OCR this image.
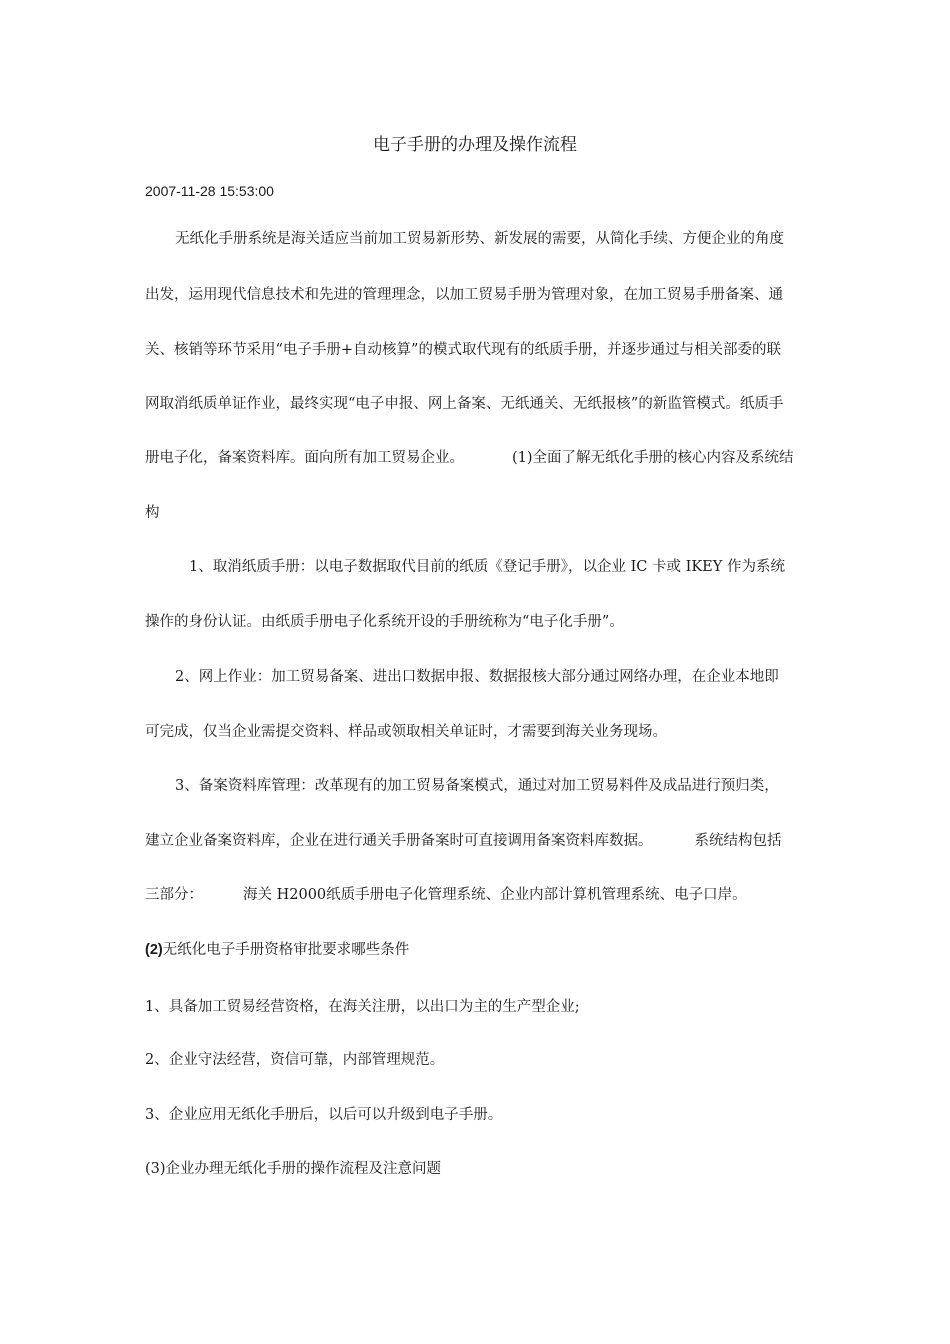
电子手册的办理及操作流程
2007-11-28 15:53:00
无纸化手册系统是海关适应当前加工贸易新形势、新发展的需要，从简化手续、方便企业的角度
出发，运用现代信息技术和先进的管理理念，以加工贸易手册为管理对象，在加工贸易手册备案、通
关、核销等环节采用“电子手册+自动核算”的模式取代现有的纸质手册，并逐步通过与相关部委的联
网取消纸质单证作业，最终实现“电子申报、网上备案、无纸通关、无纸报核”的新监管模式。纸质手
册电子化，备案资料库。面向所有加工贸易企业。	(1)全面了解无纸化手册的核心内容及系统结
构
1、取消纸质手册：以电子数据取代目前的纸质《登记手册》，以企业 IC 卡或 IKEY 作为系统
操作的身份认证。由纸质手册电子化系统开设的手册统称为“电子化手册”。
2、网上作业：加工贸易备案、进出口数据申报、数据报核大部分通过网络办理，在企业本地即
可完成，仅当企业需提交资料、样品或领取相关单证时，才需要到海关业务现场。
3、备案资料库管理：改革现有的加工贸易备案模式，通过对加工贸易料件及成品进行预归类，
建立企业备案资料库，企业在进行通关手册备案时可直接调用备案资料库数据。	系统结构包括
三部分：	海关 H2000纸质手册电子化管理系统、企业内部计算机管理系统、电子口岸。
(2)无纸化电子手册资格审批要求哪些条件
1、具备加工贸易经营资格，在海关注册，以出口为主的生产型企业;
2、企业守法经营，资信可靠，内部管理规范。
3、企业应用无纸化手册后，以后可以升级到电子手册。
(3)企业办理无纸化手册的操作流程及注意问题
